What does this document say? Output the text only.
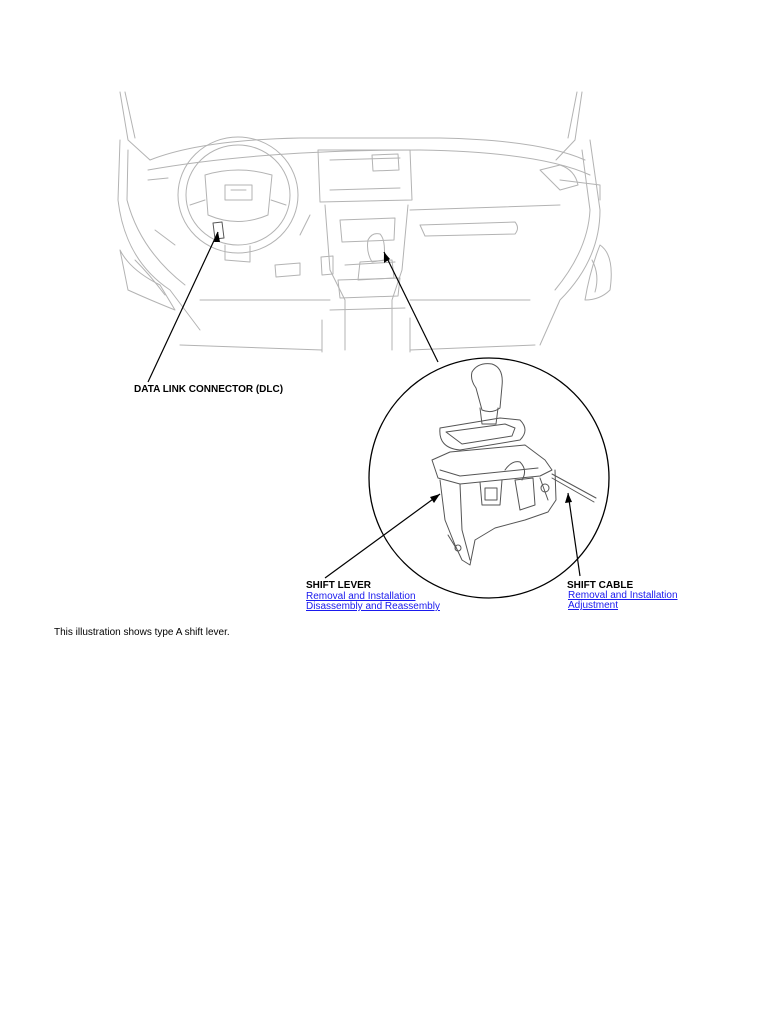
DATA LINK CONNECTOR (DLC)
SHIFT LEVER
Removal and Installation
Disassembly and Reassembly
SHIFT CABLE
Removal and Installation
Adjustment
This illustration shows type A shift lever.
